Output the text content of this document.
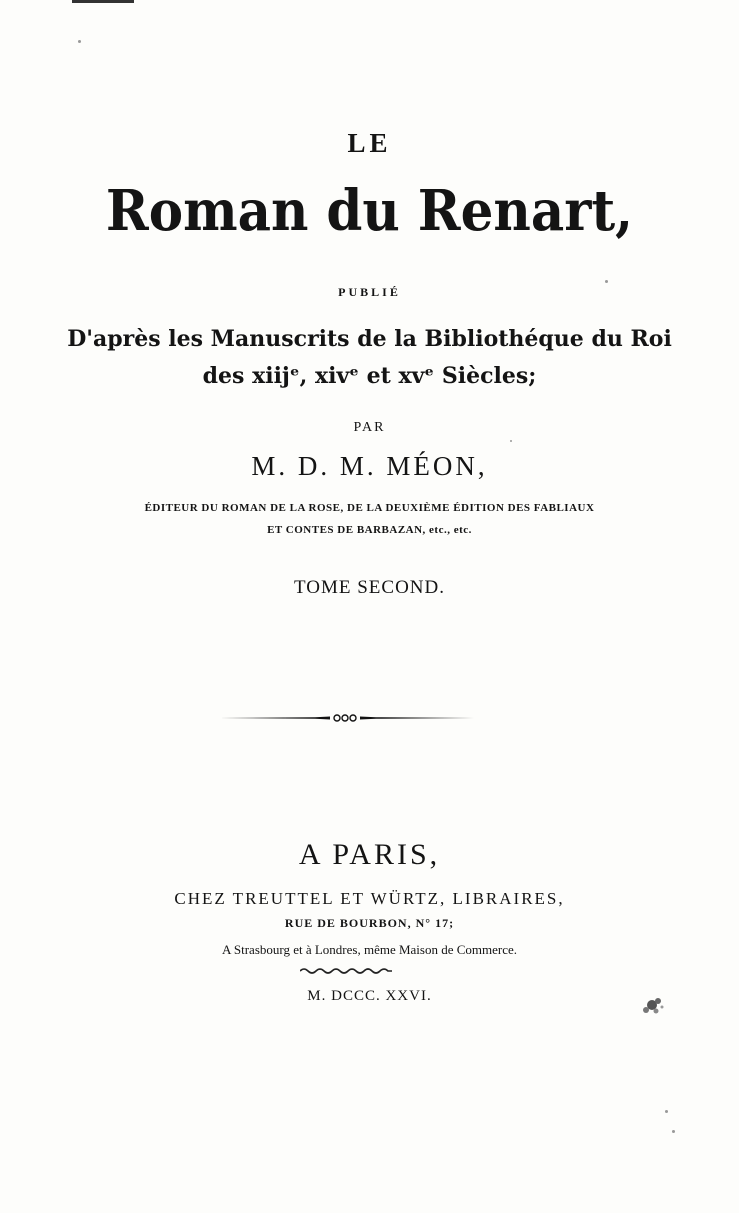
LE
Roman du Renart,
PUBLIÉ
D'après les Manuscrits de la Bibliothéque du Roi
des xiijᵉ, xivᵉ et xvᵉ Siècles;
PAR
M. D. M. MÉON,
ÉDITEUR DU ROMAN DE LA ROSE, DE LA DEUXIÈME ÉDITION DES FABLIAUX
ET CONTES DE BARBAZAN, etc., etc.
TOME SECOND.
A PARIS,
CHEZ TREUTTEL ET WÜRTZ, LIBRAIRES,
RUE DE BOURBON, N° 17;
A Strasbourg et à Londres, même Maison de Commerce.
M. DCCC. XXVI.
